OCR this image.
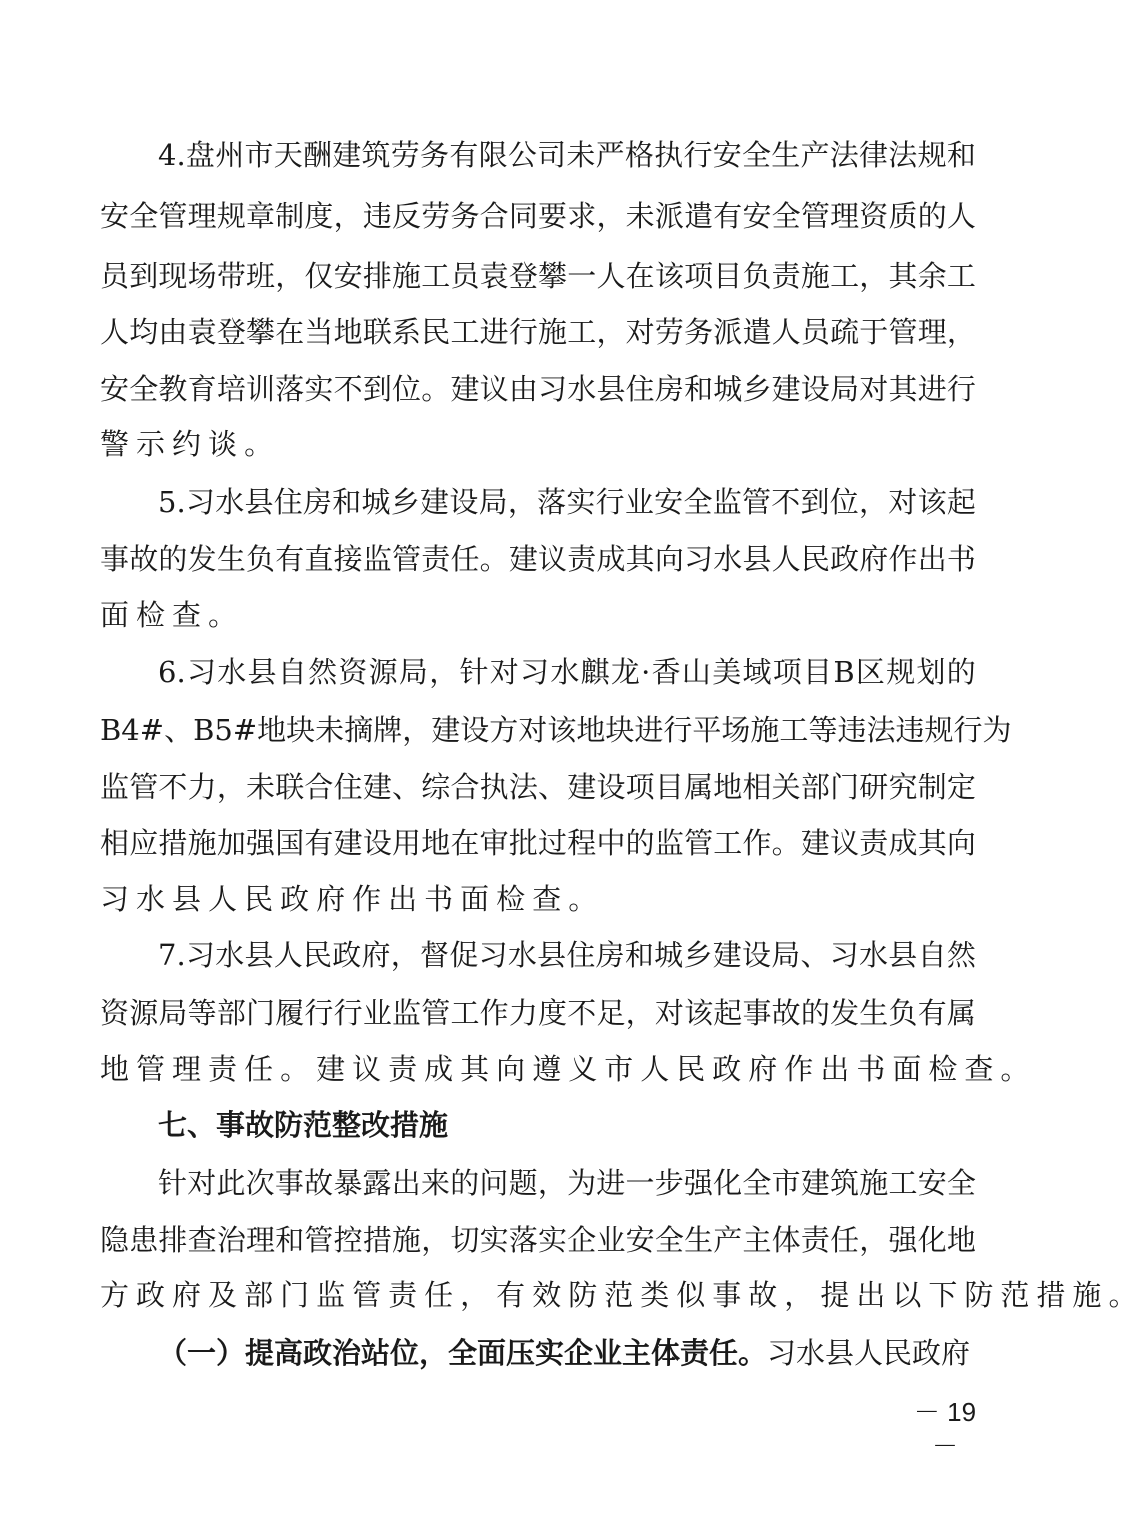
4. 盘 州 市 天 酬 建 筑 劳 务 有 限 公 司 未 严 格 执 行 安 全 生 产 法 律 法 规 和
安 全 管 理 规 章 制 度 ， 违 反 劳 务 合 同 要 求 ， 未 派 遣 有 安 全 管 理 资 质 的 人
员 到 现 场 带 班 ， 仅 安 排 施 工 员 袁 登 攀 一 人 在 该 项 目 负 责 施 工 ， 其 余 工
人 均 由 袁 登 攀 在 当 地 联 系 民 工 进 行 施 工 ， 对 劳 务 派 遣 人 员 疏 于 管 理 ，
安 全 教 育 培 训 落 实 不 到 位 。 建 议 由 习 水 县 住 房 和 城 乡 建 设 局 对 其 进 行
警 示 约 谈 。
5. 习 水 县 住 房 和 城 乡 建 设 局 ， 落 实 行 业 安 全 监 管 不 到 位 ， 对 该 起
事 故 的 发 生 负 有 直 接 监 管 责 任 。 建 议 责 成 其 向 习 水 县 人 民 政 府 作 出 书
面 检 查 。
6. 习 水 县 自 然 资 源 局 ， 针 对 习 水 麒 龙 · 香 山 美 域 项 目 B 区 规 划 的
B4# 、 B5# 地 块 未 摘 牌 ， 建 设 方 对 该 地 块 进 行 平 场 施 工 等 违 法 违 规 行 为
监 管 不 力 ， 未 联 合 住 建 、 综 合 执 法 、 建 设 项 目 属 地 相 关 部 门 研 究 制 定
相 应 措 施 加 强 国 有 建 设 用 地 在 审 批 过 程 中 的 监 管 工 作 。 建 议 责 成 其 向
习 水 县 人 民 政 府 作 出 书 面 检 查 。
7. 习 水 县 人 民 政 府 ， 督 促 习 水 县 住 房 和 城 乡 建 设 局 、 习 水 县 自 然
资 源 局 等 部 门 履 行 行 业 监 管 工 作 力 度 不 足 ， 对 该 起 事 故 的 发 生 负 有 属
地 管 理 责 任 。 建 议 责 成 其 向 遵 义 市 人 民 政 府 作 出 书 面 检 查 。
七、事故防范整改措施
针 对 此 次 事 故 暴 露 出 来 的 问 题 ， 为 进 一 步 强 化 全 市 建 筑 施 工 安 全
隐 患 排 查 治 理 和 管 控 措 施 ， 切 实 落 实 企 业 安 全 生 产 主 体 责 任 ， 强 化 地
方 政 府 及 部 门 监 管 责 任 ， 有 效 防 范 类 似 事 故 ， 提 出 以 下 防 范 措 施 。
（一）提高政治站位，全面压实企业主体责任。习水县人民政府
－ 19 －
